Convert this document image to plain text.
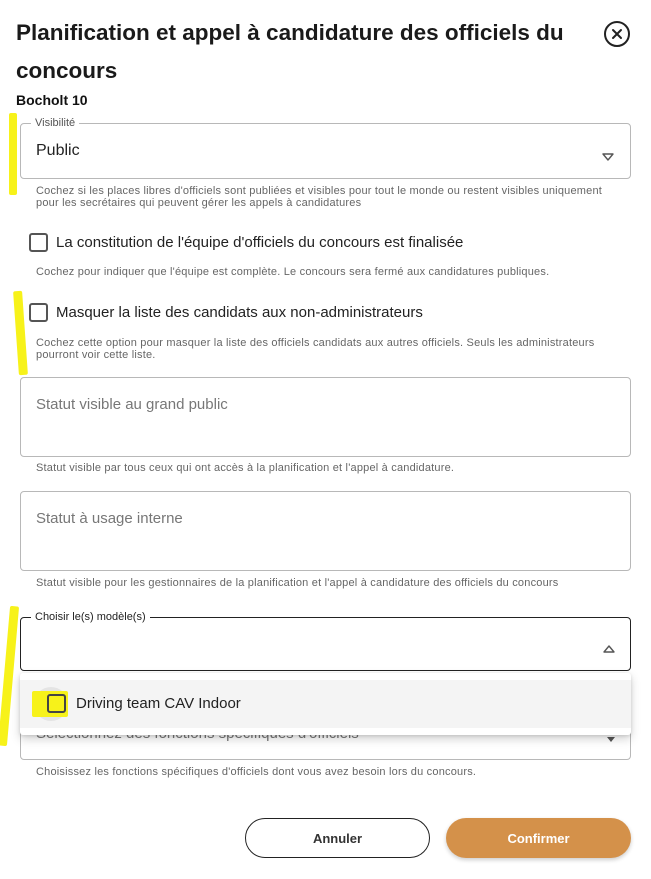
Planification et appel à candidature des officiels du concours
Bocholt 10
Visibilité
Public
Cochez si les places libres d'officiels sont publiées et visibles pour tout le monde ou restent visibles uniquement pour les secrétaires qui peuvent gérer les appels à candidatures
La constitution de l'équipe d'officiels du concours est finalisée
Cochez pour indiquer que l'équipe est complète. Le concours sera fermé aux candidatures publiques.
Masquer la liste des candidats aux non-administrateurs
Cochez cette option pour masquer la liste des officiels candidats aux autres officiels. Seuls les administrateurs pourront voir cette liste.
Statut visible au grand public
Statut visible par tous ceux qui ont accès à la planification et l'appel à candidature.
Statut à usage interne
Statut visible pour les gestionnaires de la planification et l'appel à candidature des officiels du concours
Choisissez les fonctions spécifiques d'officiels dont vous avez besoin lors du concours.
Choisir le(s) modèle(s)
Driving team CAV Indoor
Annuler	Confirmer
